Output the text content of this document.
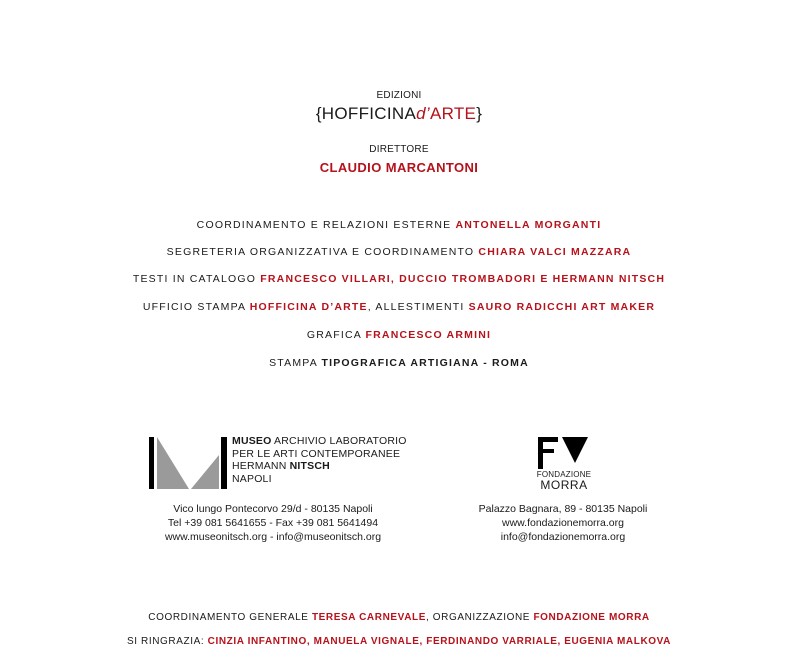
EDIZIONI
{HOFFICINAd’ARTE}
DIRETTORE
CLAUDIO MARCANTONI
COORDINAMENTO E RELAZIONI ESTERNE ANTONELLA MORGANTI
SEGRETERIA ORGANIZZATIVA E COORDINAMENTO CHIARA VALCI MAZZARA
TESTI IN CATALOGO FRANCESCO VILLARI, DUCCIO TROMBADORI E HERMANN NITSCH
UFFICIO STAMPA HOFFICINA D’ARTE, ALLESTIMENTI SAURO RADICCHI ART MAKER
GRAFICA FRANCESCO ARMINI
STAMPA TIPOGRAFICA ARTIGIANA - ROMA
MUSEO ARCHIVIO LABORATORIO
PER LE ARTI CONTEMPORANEE
HERMANN NITSCH
NAPOLI
Vico lungo Pontecorvo 29/d - 80135 Napoli
Tel +39 081 5641655 - Fax +39 081 5641494
www.museonitsch.org - info@museonitsch.org
FONDAZIONE
MORRA
Palazzo Bagnara, 89 - 80135 Napoli
www.fondazionemorra.org
info@fondazionemorra.org
COORDINAMENTO GENERALE TERESA CARNEVALE, ORGANIZZAZIONE FONDAZIONE MORRA
SI RINGRAZIA: CINZIA INFANTINO, MANUELA VIGNALE, FERDINANDO VARRIALE, EUGENIA MALKOVA
